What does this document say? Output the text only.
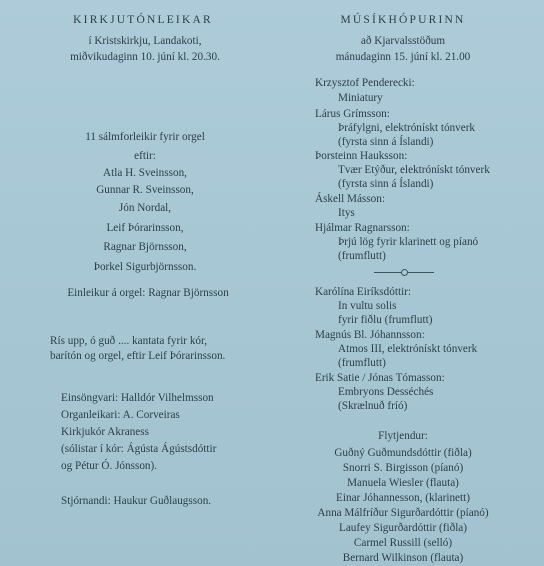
KIRKJUTÓNLEIKAR
í Kristskirkju, Landakoti,
miðvikudaginn 10. júní kl. 20.30.
11 sálmforleikir fyrir orgel
eftir:
Atla H. Sveinsson,
Gunnar R. Sveinsson,
Jón Nordal,
Leif Þórarinsson,
Ragnar Björnsson,
Þorkel Sigurbjörnsson.
Einleikur á orgel: Ragnar Björnsson
Rís upp, ó guð .... kantata fyrir kór,
barítón og orgel, eftir Leif Þórarinsson.
Einsöngvari: Halldór Vilhelmsson
Organleikari: A. Corveiras
Kirkjukór Akraness
(sólistar í kór: Ágústa Ágústsdóttir
og Pétur Ó. Jónsson).
Stjórnandi: Haukur Guðlaugsson.
MÚSÍKHÓPURINN
að Kjarvalsstöðum
mánudaginn 15. júní kl. 21.00
Krzysztof Penderecki:
Miniatury
Lárus Grímsson:
Þráfylgni, elektrónískt tónverk
(fyrsta sinn á Íslandi)
Þorsteinn Hauksson:
Tvær Etýður, elektrónískt tónverk
(fyrsta sinn á Íslandi)
Áskell Másson:
Itys
Hjálmar Ragnarsson:
Þrjú lög fyrir klarinett og píanó
(frumflutt)
Karólína Eiríksdóttir:
In vultu solis
fyrir fiðlu (frumflutt)
Magnús Bl. Jóhannsson:
Atmos III, elektrónískt tónverk
(frumflutt)
Erik Satie / Jónas Tómasson:
Embryons Desséchés
(Skrælnuð fríó)
Flytjendur:
Guðný Guðmundsdóttir (fiðla)
Snorri S. Birgisson (píanó)
Manuela Wiesler (flauta)
Einar Jóhannesson, (klarinett)
Anna Málfríður Sigurðardóttir (píanó)
Laufey Sigurðardóttir (fiðla)
Carmel Russill (selló)
Bernard Wilkinson (flauta)
